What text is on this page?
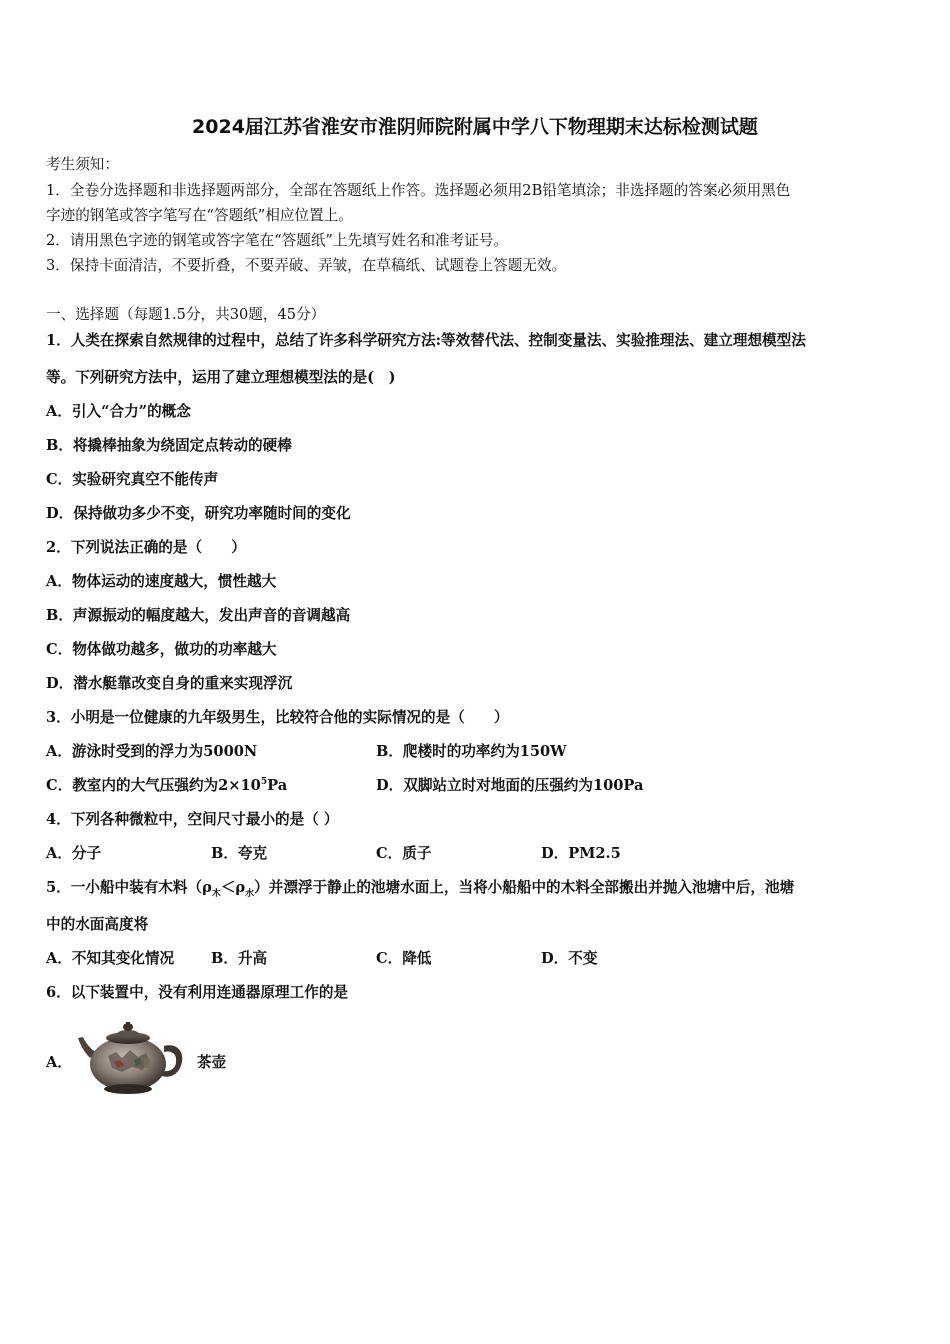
2024届江苏省淮安市淮阴师院附属中学八下物理期末达标检测试题
考生须知：
1．全卷分选择题和非选择题两部分，全部在答题纸上作答。选择题必须用2B铅笔填涂；非选择题的答案必须用黑色
字迹的钢笔或答字笔写在“答题纸”相应位置上。
2．请用黑色字迹的钢笔或答字笔在“答题纸”上先填写姓名和准考证号。
3．保持卡面清洁，不要折叠，不要弄破、弄皱，在草稿纸、试题卷上答题无效。
一、选择题（每题1.5分，共30题，45分）
1．人类在探索自然规律的过程中，总结了许多科学研究方法:等效替代法、控制变量法、实验推理法、建立理想模型法
等。下列研究方法中，运用了建立理想模型法的是(　)
A．引入“合力”的概念
B．将撬棒抽象为绕固定点转动的硬棒
C．实验研究真空不能传声
D．保持做功多少不变，研究功率随时间的变化
2．下列说法正确的是（　　）
A．物体运动的速度越大，惯性越大
B．声源振动的幅度越大，发出声音的音调越高
C．物体做功越多，做功的功率越大
D．潜水艇靠改变自身的重来实现浮沉
3．小明是一位健康的九年级男生，比较符合他的实际情况的是（　　）
A．游泳时受到的浮力为5000N	B．爬楼时的功率约为150W
C．教室内的大气压强约为$2\times 10^5Pa$	D．双脚站立时对地面的压强约为100Pa
4．下列各种微粒中，空间尺寸最小的是（ ）
A．分子	B．夸克	C．质子	D．PM2.5
5．一小船中装有木料$(\rho_木<\rho_水)$并漂浮于静止的池塘水面上，当将小船船中的木料全部搬出并抛入池塘中后，池塘
中的水面高度将
A．不知其变化情况	B．升高	C．降低	D．不变
6．以下装置中，没有利用连通器原理工作的是
A．	茶壶
